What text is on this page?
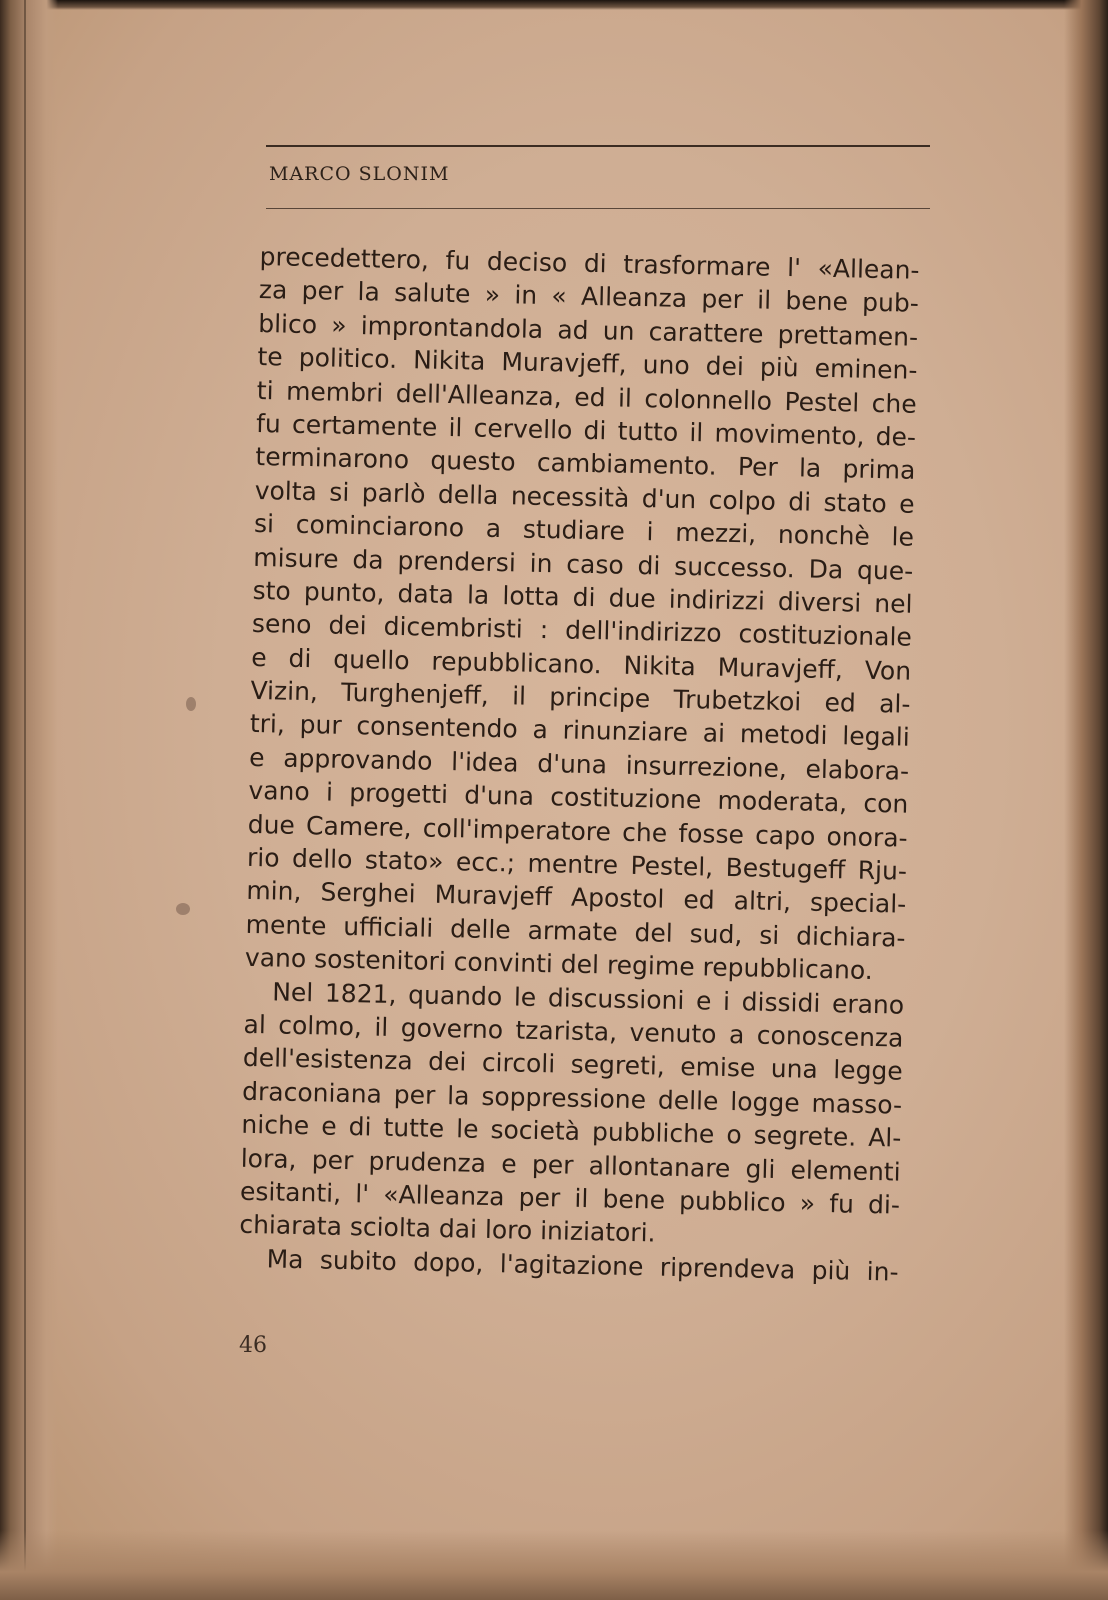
MARCO SLONIM
precedettero, fu deciso di trasformare l' «Allean-
za per la salute » in « Alleanza per il bene pub-
blico » improntandola ad un carattere prettamen-
te politico. Nikita Muravjeff, uno dei più eminen-
ti membri dell'Alleanza, ed il colonnello Pestel che
fu certamente il cervello di tutto il movimento, de-
terminarono questo cambiamento. Per la prima
volta si parlò della necessità d'un colpo di stato e
si cominciarono a studiare i mezzi, nonchè le
misure da prendersi in caso di successo. Da que-
sto punto, data la lotta di due indirizzi diversi nel
seno dei dicembristi : dell'indirizzo costituzionale
e di quello repubblicano. Nikita Muravjeff, Von
Vizin, Turghenjeff, il principe Trubetzkoi ed al-
tri, pur consentendo a rinunziare ai metodi legali
e approvando l'idea d'una insurrezione, elabora-
vano i progetti d'una costituzione moderata, con
due Camere, coll'imperatore che fosse capo onora-
rio dello stato» ecc.; mentre Pestel, Bestugeff Rju-
min, Serghei Muravjeff Apostol ed altri, special-
mente ufficiali delle armate del sud, si dichiara-
vano sostenitori convinti del regime repubblicano.
Nel 1821, quando le discussioni e i dissidi erano
al colmo, il governo tzarista, venuto a conoscenza
dell'esistenza dei circoli segreti, emise una legge
draconiana per la soppressione delle logge masso-
niche e di tutte le società pubbliche o segrete. Al-
lora, per prudenza e per allontanare gli elementi
esitanti, l' «Alleanza per il bene pubblico » fu di-
chiarata sciolta dai loro iniziatori.
Ma subito dopo, l'agitazione riprendeva più in-
46
